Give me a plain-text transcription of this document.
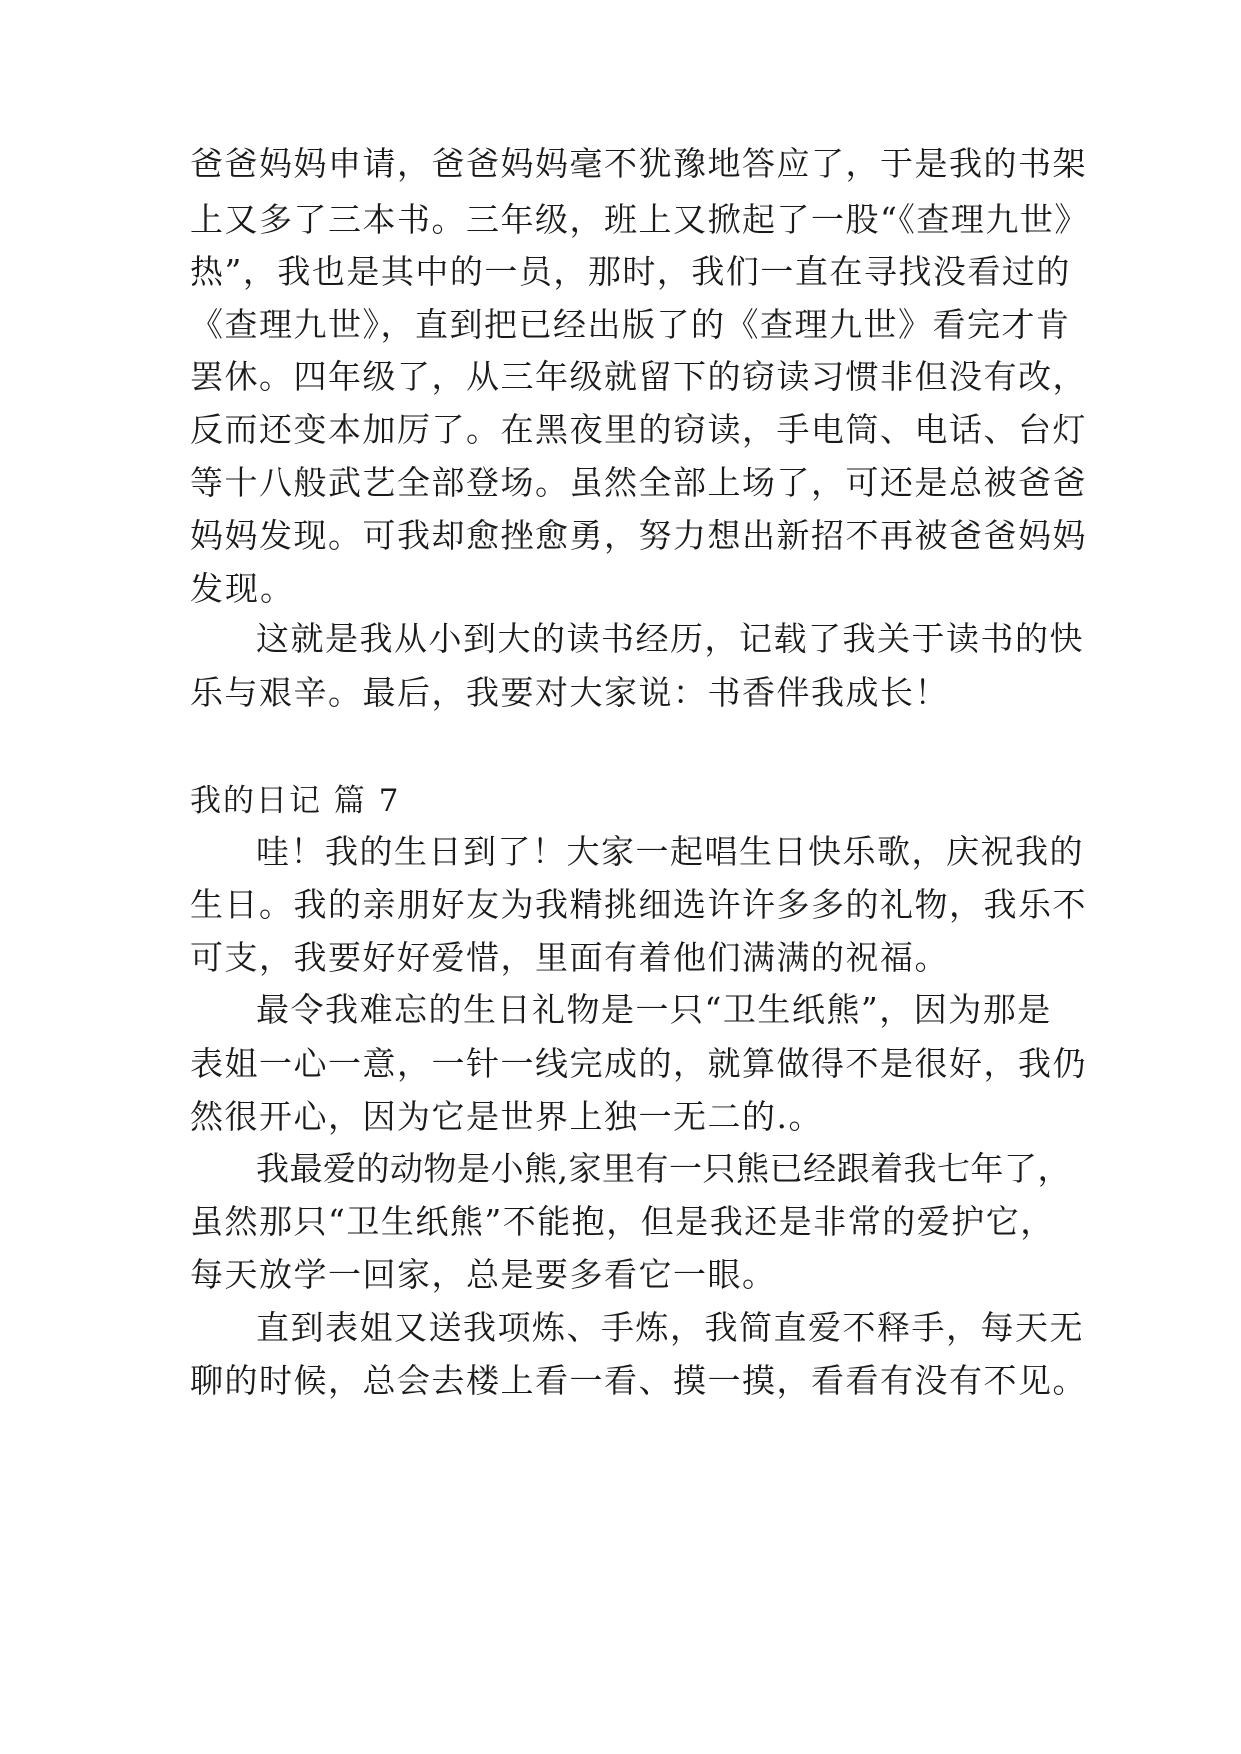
爸爸妈妈申请，爸爸妈妈毫不犹豫地答应了，于是我的书架
上又多了三本书。三年级，班上又掀起了一股“《查理九世》
热”，我也是其中的一员，那时，我们一直在寻找没看过的
《查理九世》，直到把已经出版了的《查理九世》看完才肯
罢休。四年级了，从三年级就留下的窃读习惯非但没有改，
反而还变本加厉了。在黑夜里的窃读，手电筒、电话、台灯
等十八般武艺全部登场。虽然全部上场了，可还是总被爸爸
妈妈发现。可我却愈挫愈勇，努力想出新招不再被爸爸妈妈
发现。
这就是我从小到大的读书经历，记载了我关于读书的快
乐与艰辛。最后，我要对大家说：书香伴我成长！
我的日记 篇 7
哇！我的生日到了！大家一起唱生日快乐歌，庆祝我的
生日。我的亲朋好友为我精挑细选许许多多的礼物，我乐不
可支，我要好好爱惜，里面有着他们满满的祝福。
最令我难忘的生日礼物是一只“卫生纸熊”，因为那是
表姐一心一意，一针一线完成的，就算做得不是很好，我仍
然很开心，因为它是世界上独一无二的.。
我最爱的动物是小熊,家里有一只熊已经跟着我七年了，
虽然那只“卫生纸熊”不能抱，但是我还是非常的爱护它，
每天放学一回家，总是要多看它一眼。
直到表姐又送我项炼、手炼，我简直爱不释手，每天无
聊的时候，总会去楼上看一看、摸一摸，看看有没有不见。
